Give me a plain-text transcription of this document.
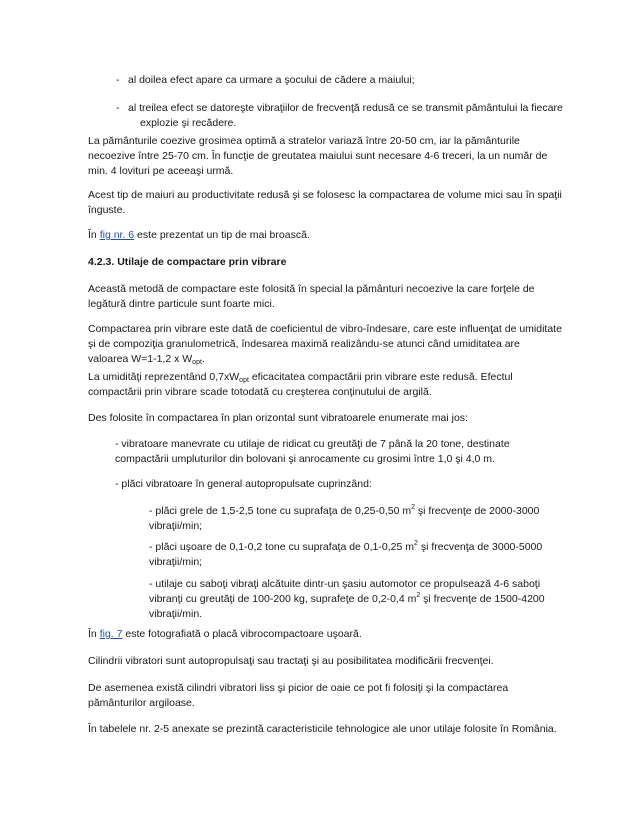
- al doilea efect apare ca urmare a şocului de cădere a maiului;
- al treilea efect se datoreşte vibraţiilor de frecvenţă redusă ce se transmit pământului la fiecare
explozie şi recădere.

La pământurile coezive grosimea optimă a stratelor variază între 20-50 cm, iar la pământurile necoezive între 25-70 cm. În funcţie de greutatea maiului sunt necesare 4-6 treceri, la un număr de min. 4 lovituri pe aceeaşi urmă.

Acest tip de maiuri au productivitate redusă şi se folosesc la compactarea de volume mici sau în spaţii înguste.

În fig nr. 6 este prezentat un tip de mai broască.

4.2.3. Utilaje de compactare prin vibrare

Această metodă de compactare este folosită în special la pământuri necoezive la care forţele de legătură dintre particule sunt foarte mici.

Compactarea prin vibrare este dată de coeficientul de vibro-îndesare, care este influenţat de umiditate şi de compoziţia granulometrică, îndesarea maximă realizându-se atunci când umiditatea are valoarea W=1-1,2 x $W_{opt}$.

La umidităţi reprezentând $0,7xW_{opt}$ eficacitatea compactării prin vibrare este redusă. Efectul compactării prin vibrare scade totodată cu creşterea conţinutului de argilă.

Des folosite în compactarea în plan orizontal sunt vibratoarele enumerate mai jos:

- vibratoare manevrate cu utilaje de ridicat cu greutăţi de 7 până la 20 tone, destinate compactării umpluturilor din bolovani şi anrocamente cu grosimi între 1,0 şi 4,0 m.

- plăci vibratoare în general autopropulsate cuprinzând:

- plăci grele de 1,5-2,5 tone cu suprafaţa de 0,25-0,50 $m^2$ şi frecvenţe de 2000-3000 vibraţii/min;

- plăci uşoare de 0,1-0,2 tone cu suprafaţa de 0,1-0,25 $m^2$ şi frecvenţa de 3000-5000 vibraţii/min;

- utilaje cu saboţi vibraţi alcătuite dintr-un şasiu automotor ce propulsează 4-6 saboţi vibranţi cu greutăţi de 100-200 kg, suprafeţe de 0,2-0,4 $m^2$ şi frecvenţe de 1500-4200 vibraţii/min.

În fig. 7 este fotografiată o placă vibrocompactoare uşoară.

Cilindrii vibratori sunt autopropulsaţi sau tractaţi şi au posibilitatea modificării frecvenţei.

De asemenea există cilindri vibratori liss şi picior de oaie ce pot fi folosiţi şi la compactarea pământurilor argiloase.

În tabelele nr. 2-5 anexate se prezintă caracteristicile tehnologice ale unor utilaje folosite în România.
